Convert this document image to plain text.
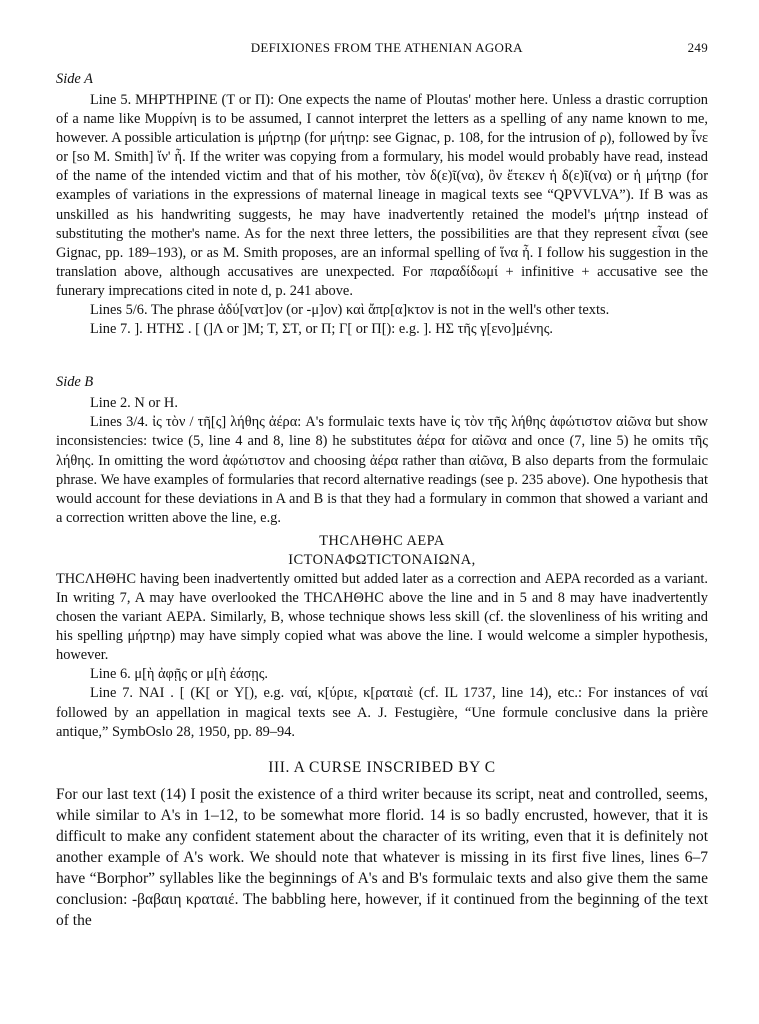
DEFIXIONES FROM THE ATHENIAN AGORA	249
Side A

Line 5. ΜΗΡΤΗΡΙΝΕ (Τ or Π): One expects the name of Ploutas' mother here. Unless a drastic corruption of a name like Μυρρίνη is to be assumed, I cannot interpret the letters as a spelling of any name known to me, however. A possible articulation is μήρτηρ (for μήτηρ: see Gignac, p. 108, for the intrusion of ρ), followed by ἶνε or [so M. Smith] ἵν' ἦ. If the writer was copying from a formulary, his model would probably have read, instead of the name of the intended victim and that of his mother, τὸν δ(ε)ῖ(να), ὃν ἔτεκεν ἡ δ(ε)ῖ(να) or ἡ μήτηρ (for examples of variations in the expressions of maternal lineage in magical texts see “QPVVLVA”). If B was as unskilled as his handwriting suggests, he may have inadvertently retained the model's μήτηρ instead of substituting the mother's name. As for the next three letters, the possibilities are that they represent εἶναι (see Gignac, pp. 189–193), or as M. Smith proposes, are an informal spelling of ἵνα ἦ. I follow his suggestion in the translation above, although accusatives are unexpected. For παραδίδωμί + infinitive + accusative see the funerary imprecations cited in note d, p. 241 above.

Lines 5/6. The phrase ἀδύ[νατ]ον (or -μ]ον) καὶ ἄπρ[α]κτον is not in the well's other texts.

Line 7. ]. ΗΤΗΣ . [ (]Λ or ]Μ; Τ, ΣΤ, or Π; Γ[ or Π[): e.g. ]. ΗΣ τῆς γ[ενο]μένης.

Side B

Line 2. Ν or Η.

Lines 3/4. ἰς τὸν / τῆ[ς] λήθης ἀέρα: A's formulaic texts have ἰς τὸν τῆς λήθης ἀφώτιστον αἰῶνα but show inconsistencies: twice (5, line 4 and 8, line 8) he substitutes ἀέρα for αἰῶνα and once (7, line 5) he omits τῆς λήθης. In omitting the word ἀφώτιστον and choosing ἀέρα rather than αἰῶνα, B also departs from the formulaic phrase. We have examples of formularies that record alternative readings (see p. 235 above). One hypothesis that would account for these deviations in A and B is that they had a formulary in common that showed a variant and a correction written above the line, e.g.

ΤΗϹΛΗΘΗϹ ΑΕΡΑ
ΙϹΤΟΝΑΦΩΤΙϹΤΟΝΑΙΩΝΑ,

ΤΗϹΛΗΘΗϹ having been inadvertently omitted but added later as a correction and ΑΕΡΑ recorded as a variant. In writing 7, A may have overlooked the ΤΗϹΛΗΘΗϹ above the line and in 5 and 8 may have inadvertently chosen the variant ΑΕΡΑ. Similarly, B, whose technique shows less skill (cf. the slovenliness of his writing and his spelling μήρτηρ) may have simply copied what was above the line. I would welcome a simpler hypothesis, however.

Line 6. μ[ὴ ἀφῇς or μ[ὴ ἐάσῃς.

Line 7. ΝΑΙ . [ (Κ[ or Υ[), e.g. ναί, κ[ύριε, κ[ραταιὲ (cf. IL 1737, line 14), etc.: For instances of ναί followed by an appellation in magical texts see A. J. Festugière, “Une formule conclusive dans la prière antique,” SymbOslo 28, 1950, pp. 89–94.

III. A CURSE INSCRIBED BY C

For our last text (14) I posit the existence of a third writer because its script, neat and controlled, seems, while similar to A's in 1–12, to be somewhat more florid. 14 is so badly encrusted, however, that it is difficult to make any confident statement about the character of its writing, even that it is definitely not another example of A's work. We should note that whatever is missing in its first five lines, lines 6–7 have “Borphor” syllables like the beginnings of A's and B's formulaic texts and also give them the same conclusion: -βαβαιη κραταιέ. The babbling here, however, if it continued from the beginning of the text of the
